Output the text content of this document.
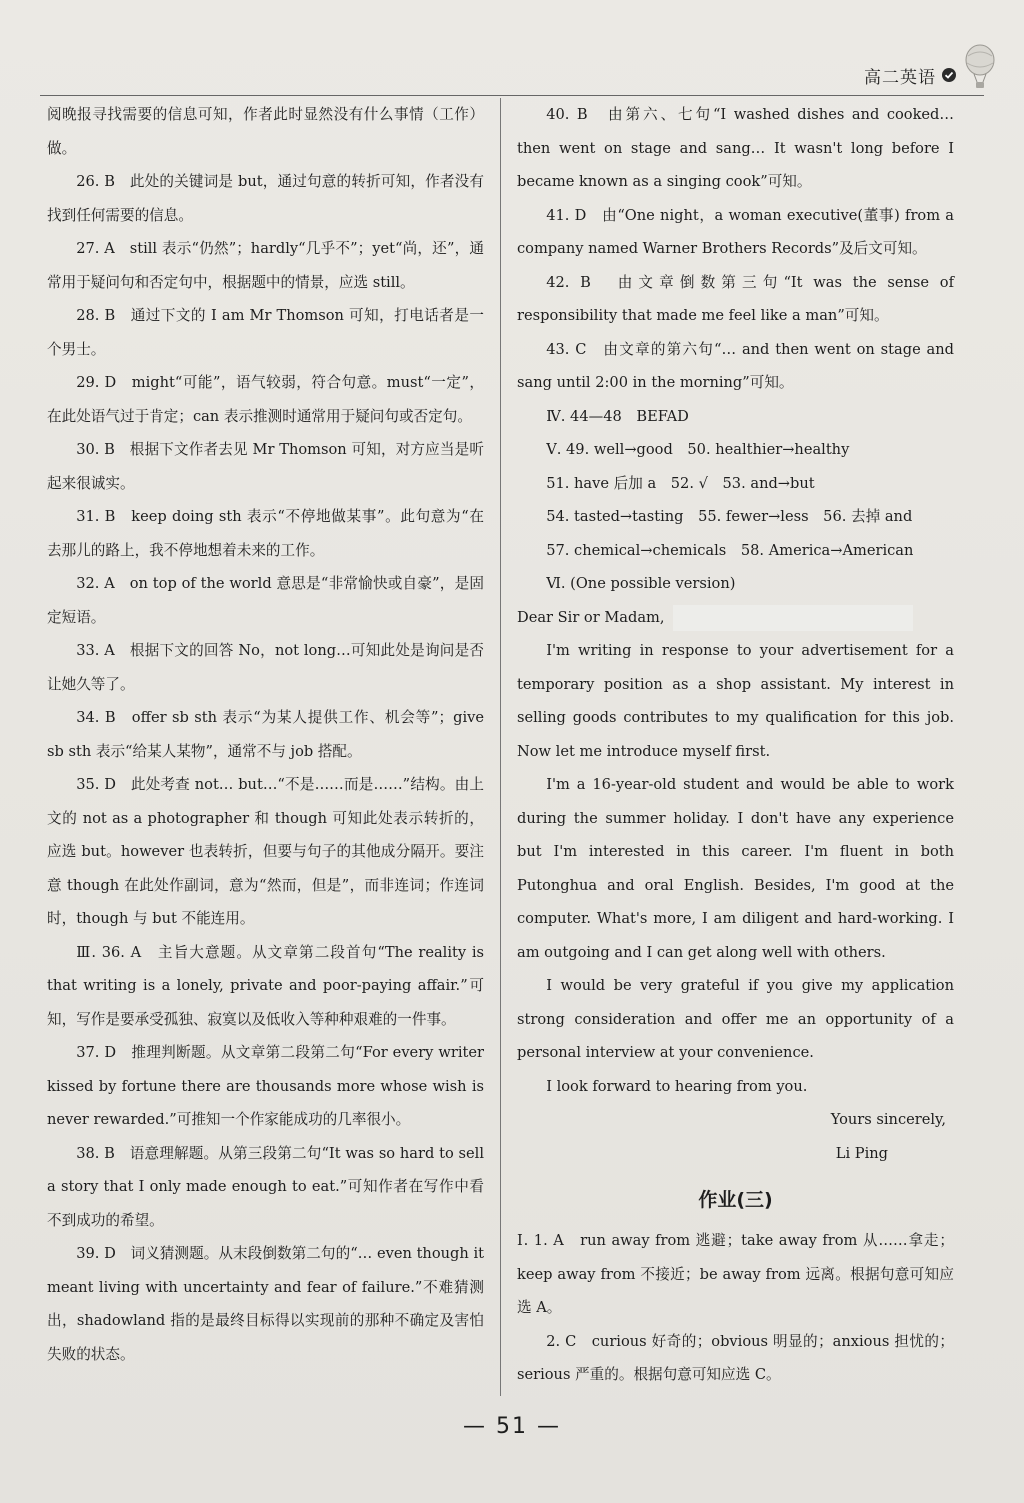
高二英语

阅晚报寻找需要的信息可知，作者此时显然没有什么事情（工作）做。

26. B　此处的关键词是 but，通过句意的转折可知，作者没有找到任何需要的信息。

27. A　still 表示“仍然”；hardly“几乎不”；yet“尚，还”，通常用于疑问句和否定句中，根据题中的情景，应选 still。

28. B　通过下文的 I am Mr Thomson 可知，打电话者是一个男士。

29. D　might“可能”，语气较弱，符合句意。must“一定”，在此处语气过于肯定；can 表示推测时通常用于疑问句或否定句。

30. B　根据下文作者去见 Mr Thomson 可知，对方应当是听起来很诚实。

31. B　keep doing sth 表示“不停地做某事”。此句意为“在去那儿的路上，我不停地想着未来的工作。

32. A　on top of the world 意思是“非常愉快或自豪”，是固定短语。

33. A　根据下文的回答 No，not long…可知此处是询问是否让她久等了。

34. B　offer sb sth 表示“为某人提供工作、机会等”；give sb sth 表示“给某人某物”，通常不与 job 搭配。

35. D　此处考查 not… but…“不是……而是……”结构。由上文的 not as a photographer 和 though 可知此处表示转折的，应选 but。however 也表转折，但要与句子的其他成分隔开。要注意 though 在此处作副词，意为“然而，但是”，而非连词；作连词时，though 与 but 不能连用。

Ⅲ. 36. A　主旨大意题。从文章第二段首句“The reality is that writing is a lonely, private and poor-paying affair.”可知，写作是要承受孤独、寂寞以及低收入等种种艰难的一件事。

37. D　推理判断题。从文章第二段第二句“For every writer kissed by fortune there are thousands more whose wish is never rewarded.”可推知一个作家能成功的几率很小。

38. B　语意理解题。从第三段第二句“It was so hard to sell a story that I only made enough to eat.”可知作者在写作中看不到成功的希望。

39. D　词义猜测题。从末段倒数第二句的“… even though it meant living with uncertainty and fear of failure.”不难猜测出，shadowland 指的是最终目标得以实现前的那种不确定及害怕失败的状态。

40. B　由第六、七句“I washed dishes and cooked… then went on stage and sang… It wasn't long before I became known as a singing cook”可知。

41. D　由“One night，a woman executive(董事) from a company named Warner Brothers Records”及后文可知。

42. B　由文章倒数第三句“It was the sense of responsibility that made me feel like a man”可知。

43. C　由文章的第六句“… and then went on stage and sang until 2:00 in the morning”可知。

Ⅳ. 44—48　BEFAD

Ⅴ. 49. well→good　50. healthier→healthy

51. have 后加 a　52. √　53. and→but

54. tasted→tasting　55. fewer→less　56. 去掉 and

57. chemical→chemicals　58. America→American

Ⅵ. (One possible version)

Dear Sir or Madam,

I'm writing in response to your advertisement for a temporary position as a shop assistant. My interest in selling goods contributes to my qualification for this job. Now let me introduce myself first.

I'm a 16-year-old student and would be able to work during the summer holiday. I don't have any experience but I'm interested in this career. I'm fluent in both Putonghua and oral English. Besides, I'm good at the computer. What's more, I am diligent and hard-working. I am outgoing and I can get along well with others.

I would be very grateful if you give my application strong consideration and offer me an opportunity of a personal interview at your convenience.

I look forward to hearing from you.

Yours sincerely,

Li Ping

作业(三)

Ⅰ. 1. A　run away from 逃避；take away from 从……拿走；keep away from 不接近；be away from 远离。根据句意可知应选 A。

2. C　curious 好奇的；obvious 明显的；anxious 担忧的；serious 严重的。根据句意可知应选 C。

— 51 —
